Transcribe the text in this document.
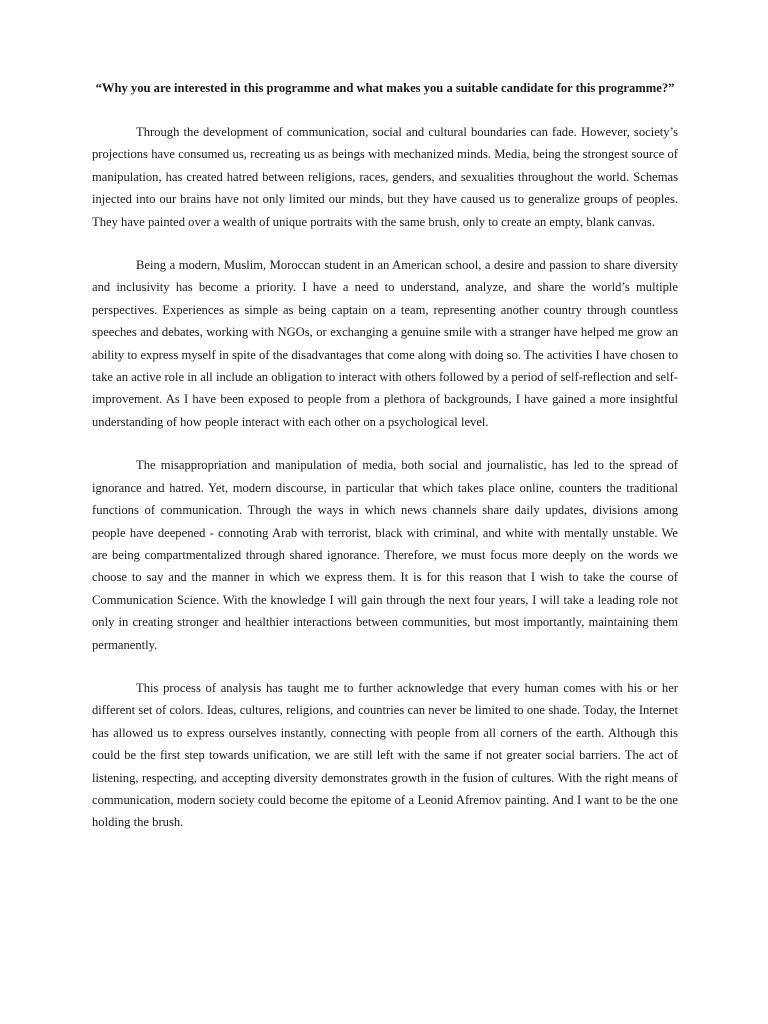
“Why you are interested in this programme and what makes you a suitable candidate for this programme?”

Through the development of communication, social and cultural boundaries can fade. However, society’s projections have consumed us, recreating us as beings with mechanized minds. Media, being the strongest source of manipulation, has created hatred between religions, races, genders, and sexualities throughout the world. Schemas injected into our brains have not only limited our minds, but they have caused us to generalize groups of peoples. They have painted over a wealth of unique portraits with the same brush, only to create an empty, blank canvas.

Being a modern, Muslim, Moroccan student in an American school, a desire and passion to share diversity and inclusivity has become a priority. I have a need to understand, analyze, and share the world’s multiple perspectives. Experiences as simple as being captain on a team, representing another country through countless speeches and debates, working with NGOs, or exchanging a genuine smile with a stranger have helped me grow an ability to express myself in spite of the disadvantages that come along with doing so. The activities I have chosen to take an active role in all include an obligation to interact with others followed by a period of self-reflection and self-improvement. As I have been exposed to people from a plethora of backgrounds, I have gained a more insightful understanding of how people interact with each other on a psychological level.

The misappropriation and manipulation of media, both social and journalistic, has led to the spread of ignorance and hatred. Yet, modern discourse, in particular that which takes place online, counters the traditional functions of communication. Through the ways in which news channels share daily updates, divisions among people have deepened - connoting Arab with terrorist, black with criminal, and white with mentally unstable. We are being compartmentalized through shared ignorance. Therefore, we must focus more deeply on the words we choose to say and the manner in which we express them. It is for this reason that I wish to take the course of Communication Science. With the knowledge I will gain through the next four years, I will take a leading role not only in creating stronger and healthier interactions between communities, but most importantly, maintaining them permanently.

This process of analysis has taught me to further acknowledge that every human comes with his or her different set of colors. Ideas, cultures, religions, and countries can never be limited to one shade. Today, the Internet has allowed us to express ourselves instantly, connecting with people from all corners of the earth. Although this could be the first step towards unification, we are still left with the same if not greater social barriers. The act of listening, respecting, and accepting diversity demonstrates growth in the fusion of cultures. With the right means of communication, modern society could become the epitome of a Leonid Afremov painting. And I want to be the one holding the brush.
